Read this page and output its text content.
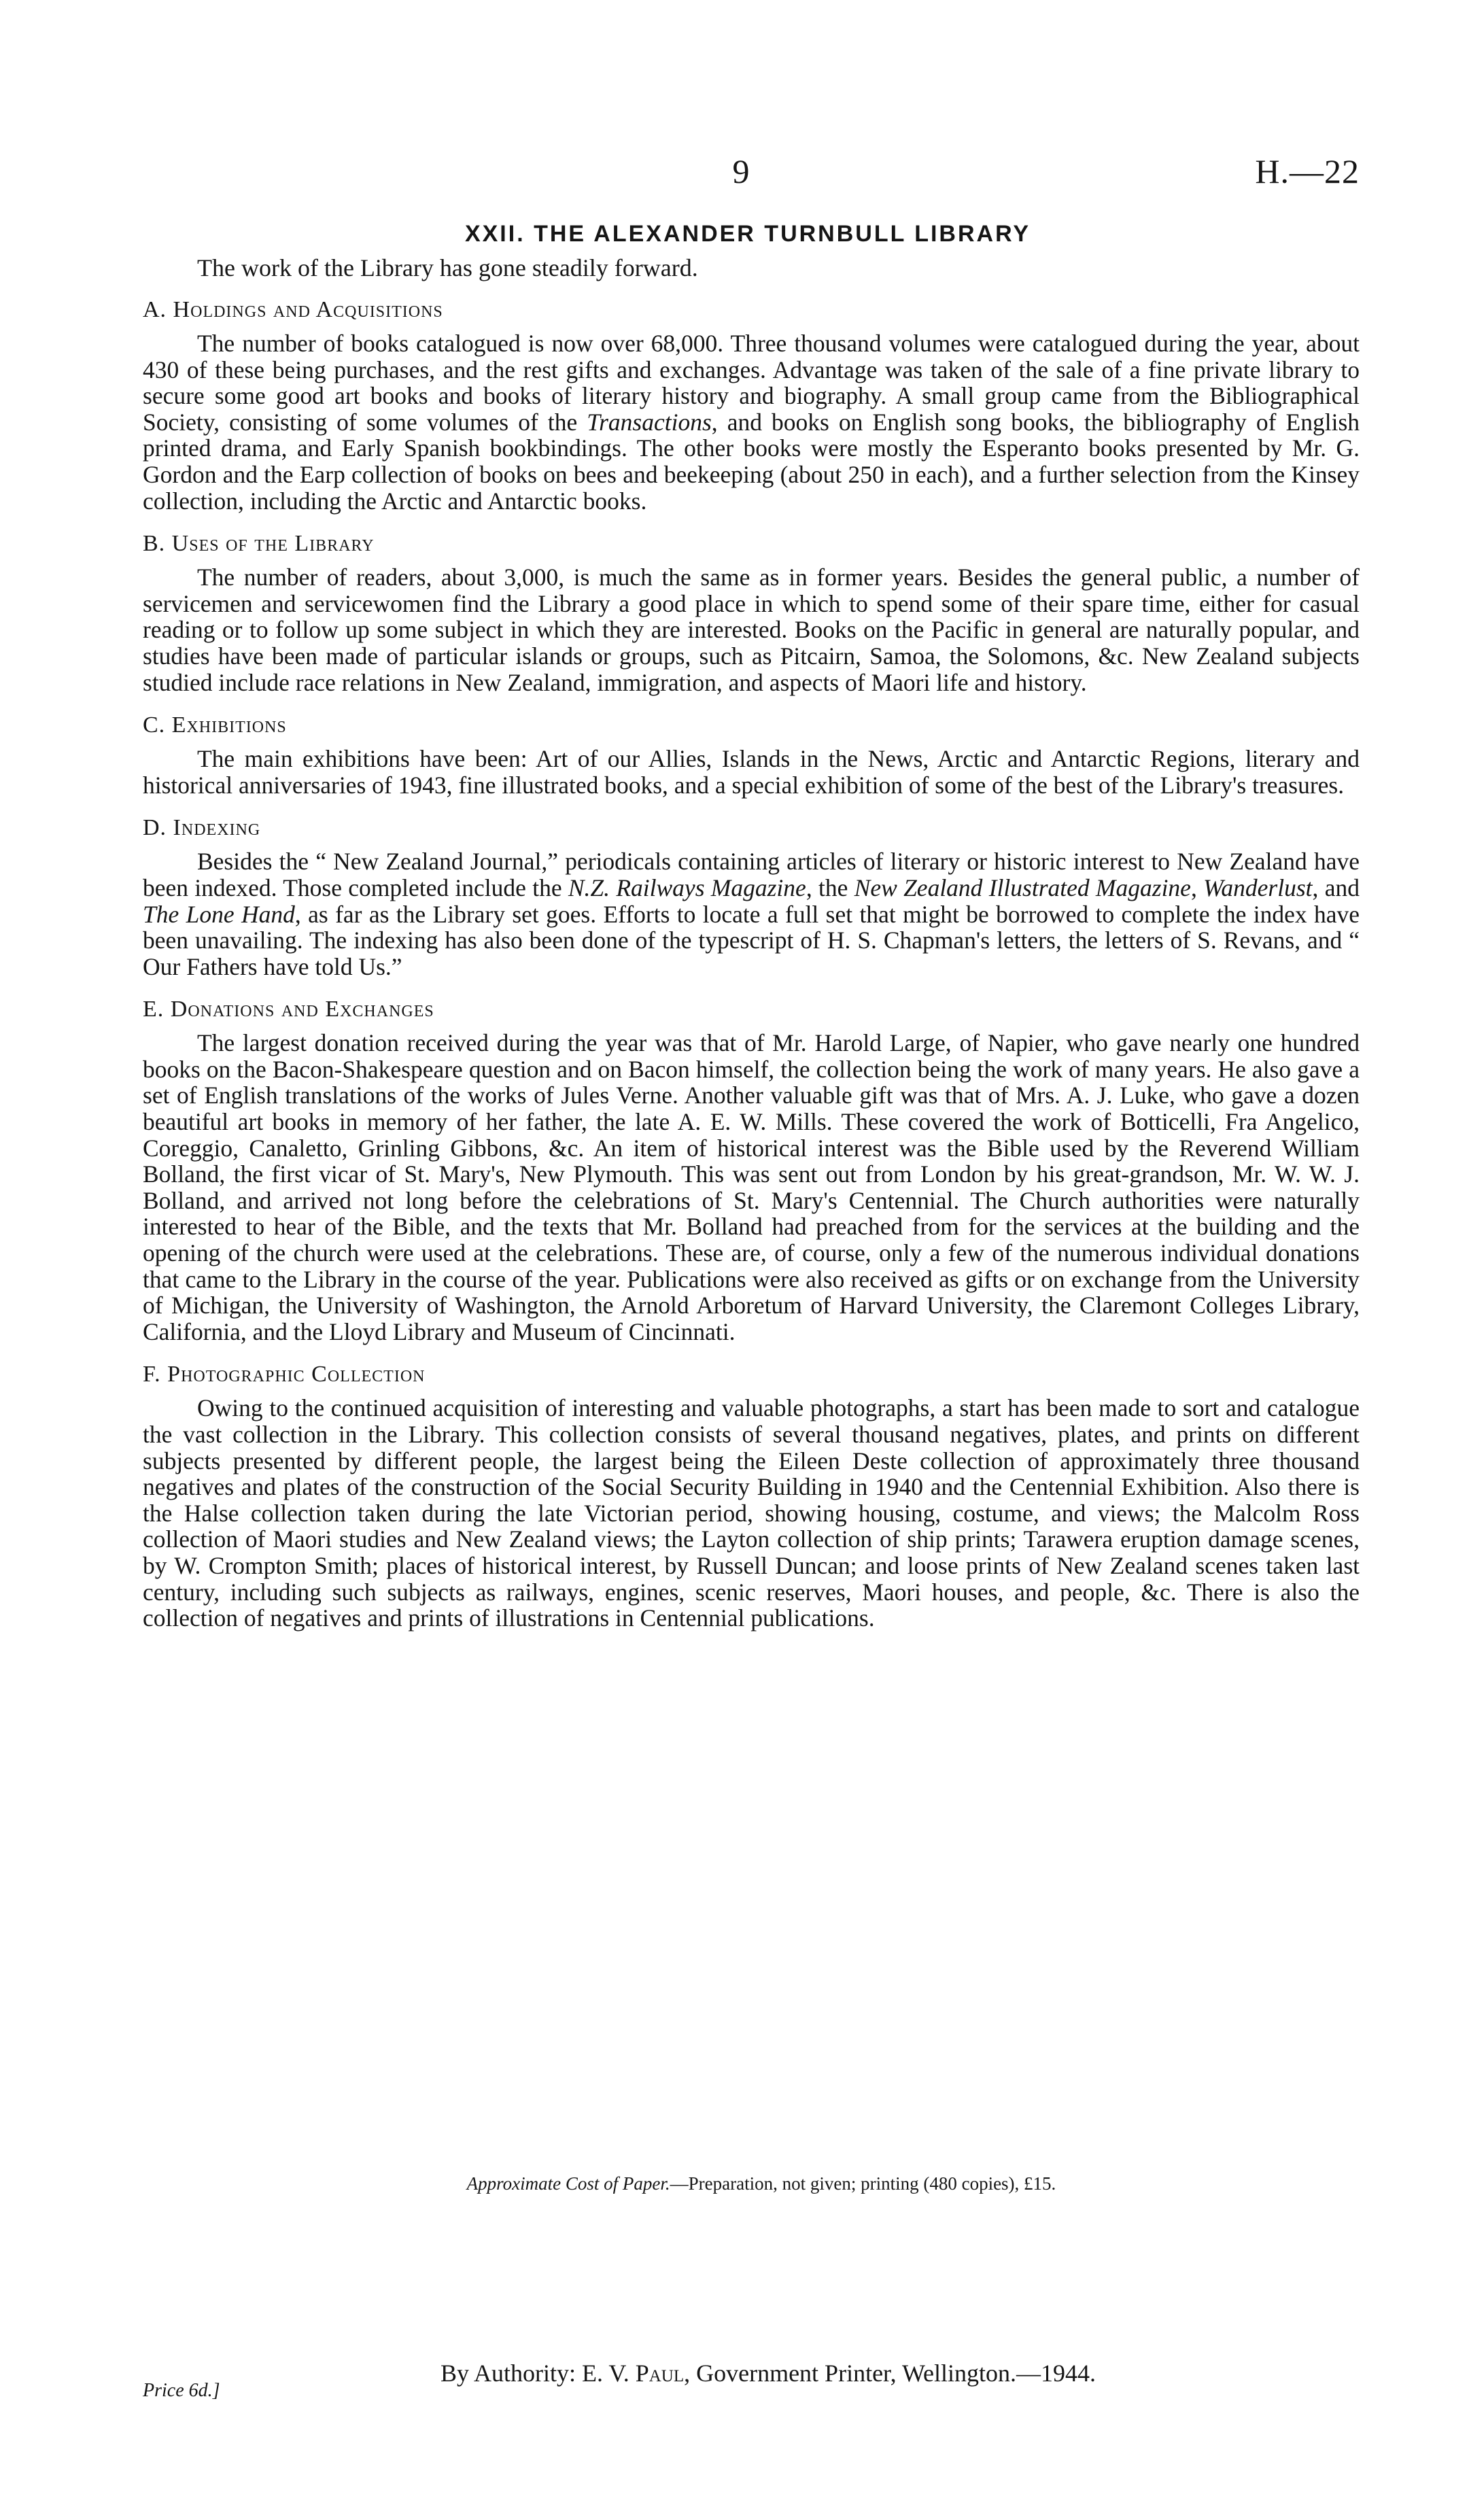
9	H.—22
XXII. THE ALEXANDER TURNBULL LIBRARY
The work of the Library has gone steadily forward.
A. Holdings and Acquisitions

The number of books catalogued is now over 68,000. Three thousand volumes were catalogued during the year, about 430 of these being purchases, and the rest gifts and exchanges. Advantage was taken of the sale of a fine private library to secure some good art books and books of literary history and biography. A small group came from the Bibliographical Society, consisting of some volumes of the Transactions, and books on English song books, the bibliography of English printed drama, and Early Spanish bookbindings. The other books were mostly the Esperanto books presented by Mr. G. Gordon and the Earp collection of books on bees and beekeeping (about 250 in each), and a further selection from the Kinsey collection, including the Arctic and Antarctic books.

B. Uses of the Library

The number of readers, about 3,000, is much the same as in former years. Besides the general public, a number of servicemen and servicewomen find the Library a good place in which to spend some of their spare time, either for casual reading or to follow up some subject in which they are interested. Books on the Pacific in general are naturally popular, and studies have been made of particular islands or groups, such as Pitcairn, Samoa, the Solomons, &c. New Zealand subjects studied include race relations in New Zealand, immigration, and aspects of Maori life and history.

C. Exhibitions

The main exhibitions have been: Art of our Allies, Islands in the News, Arctic and Antarctic Regions, literary and historical anniversaries of 1943, fine illustrated books, and a special exhibition of some of the best of the Library's treasures.

D. Indexing

Besides the “ New Zealand Journal,” periodicals containing articles of literary or historic interest to New Zealand have been indexed. Those completed include the N.Z. Railways Magazine, the New Zealand Illustrated Magazine, Wanderlust, and The Lone Hand, as far as the Library set goes. Efforts to locate a full set that might be borrowed to complete the index have been unavailing. The indexing has also been done of the typescript of H. S. Chapman's letters, the letters of S. Revans, and “ Our Fathers have told Us.”

E. Donations and Exchanges

The largest donation received during the year was that of Mr. Harold Large, of Napier, who gave nearly one hundred books on the Bacon-Shakespeare question and on Bacon himself, the collection being the work of many years. He also gave a set of English translations of the works of Jules Verne. Another valuable gift was that of Mrs. A. J. Luke, who gave a dozen beautiful art books in memory of her father, the late A. E. W. Mills. These covered the work of Botticelli, Fra Angelico, Coreggio, Canaletto, Grinling Gibbons, &c. An item of historical interest was the Bible used by the Reverend William Bolland, the first vicar of St. Mary's, New Plymouth. This was sent out from London by his great-grandson, Mr. W. W. J. Bolland, and arrived not long before the celebrations of St. Mary's Centennial. The Church authorities were naturally interested to hear of the Bible, and the texts that Mr. Bolland had preached from for the services at the building and the opening of the church were used at the celebrations. These are, of course, only a few of the numerous individual donations that came to the Library in the course of the year. Publications were also received as gifts or on exchange from the University of Michigan, the University of Washington, the Arnold Arboretum of Harvard University, the Claremont Colleges Library, California, and the Lloyd Library and Museum of Cincinnati.

F. Photographic Collection

Owing to the continued acquisition of interesting and valuable photographs, a start has been made to sort and catalogue the vast collection in the Library. This collection consists of several thousand negatives, plates, and prints on different subjects presented by different people, the largest being the Eileen Deste collection of approximately three thousand negatives and plates of the construction of the Social Security Building in 1940 and the Centennial Exhibition. Also there is the Halse collection taken during the late Victorian period, showing housing, costume, and views; the Malcolm Ross collection of Maori studies and New Zealand views; the Layton collection of ship prints; Tarawera eruption damage scenes, by W. Crompton Smith; places of historical interest, by Russell Duncan; and loose prints of New Zealand scenes taken last century, including such subjects as railways, engines, scenic reserves, Maori houses, and people, &c. There is also the collection of negatives and prints of illustrations in Centennial publications.

Approximate Cost of Paper.—Preparation, not given; printing (480 copies), £15.
By Authority: E. V. Paul, Government Printer, Wellington.—1944.
Price 6d.]
